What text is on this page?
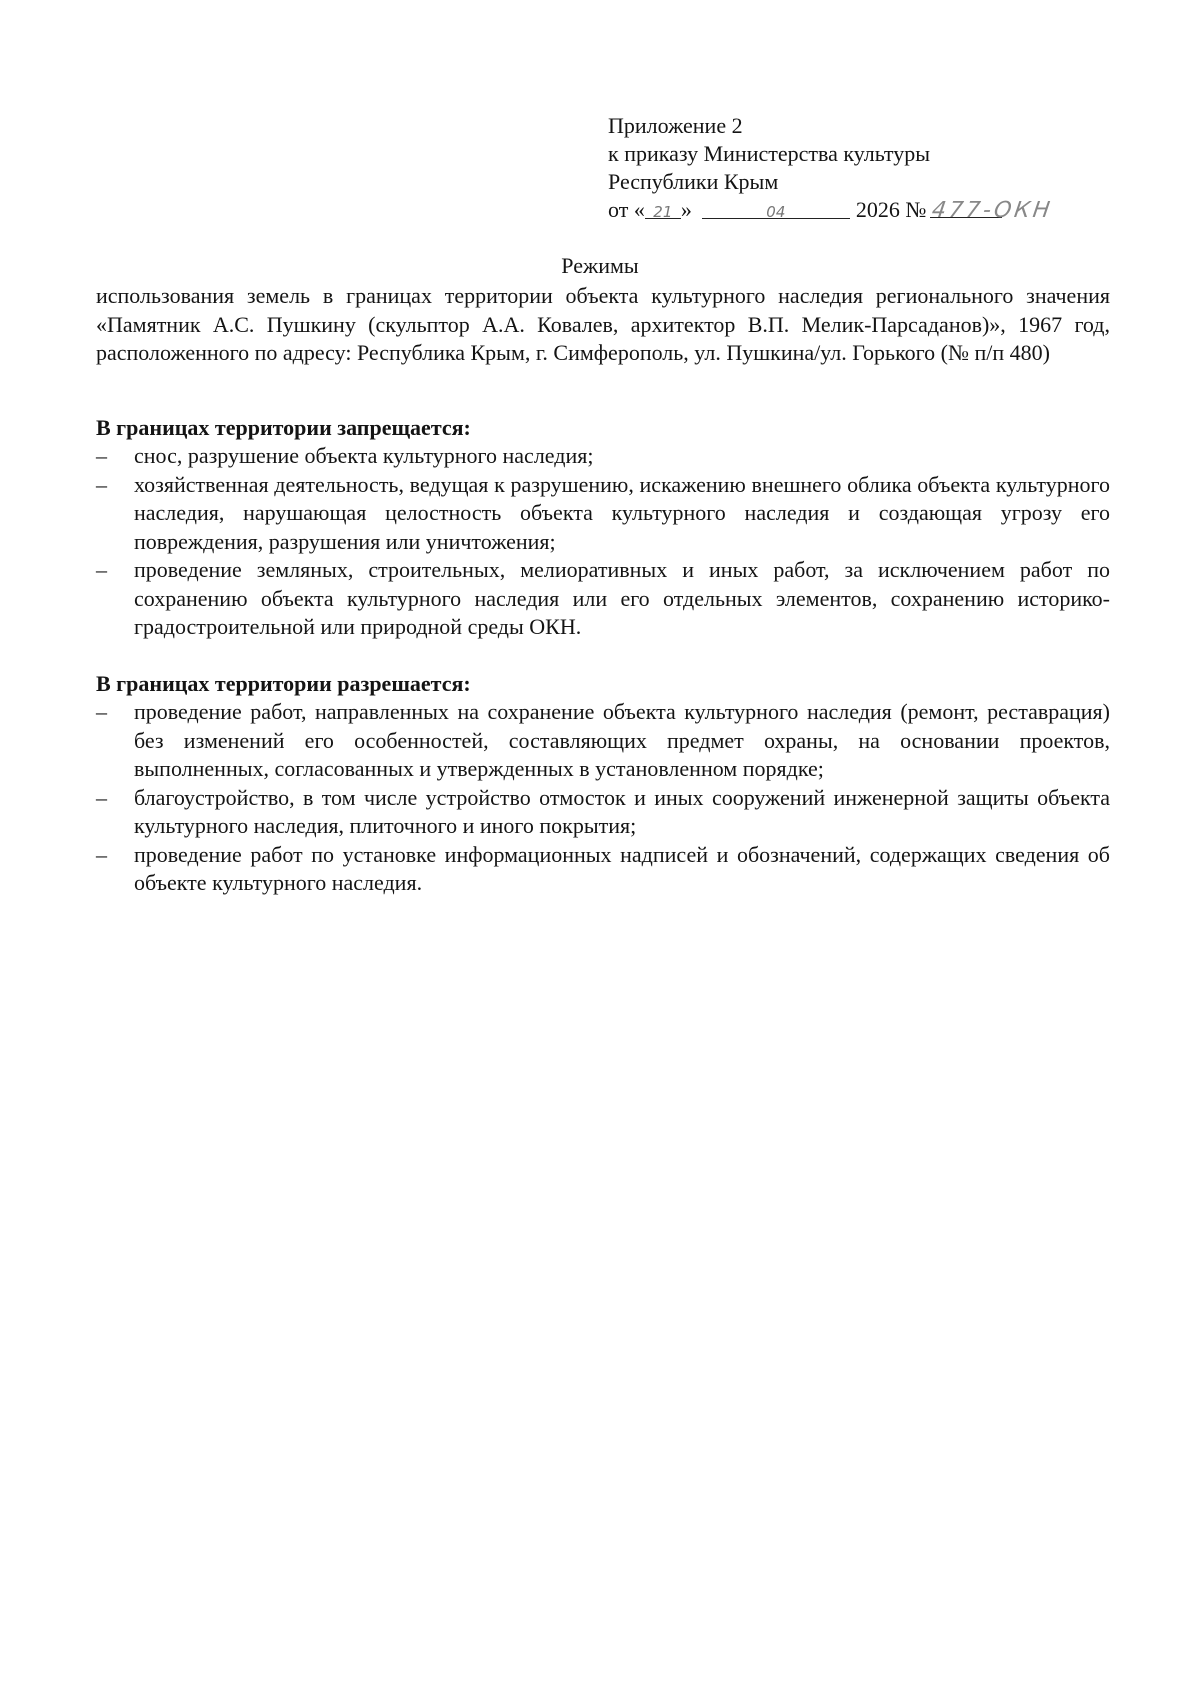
Приложение 2
к приказу Министерства культуры
Республики Крым
от « 21 »	04	2026 № 477-ОКН
Режимы
использования земель в границах территории объекта культурного наследия регионального значения «Памятник А.С. Пушкину (скульптор А.А. Ковалев, архитектор В.П. Мелик-Парсаданов)», 1967 год, расположенного по адресу: Республика Крым, г. Симферополь, ул. Пушкина/ул. Горького (№ п/п 480)
В границах территории запрещается:
– снос, разрушение объекта культурного наследия;
– хозяйственная деятельность, ведущая к разрушению, искажению внешнего облика объекта культурного наследия, нарушающая целостность объекта культурного наследия и создающая угрозу его повреждения, разрушения или уничтожения;
– проведение земляных, строительных, мелиоративных и иных работ, за исключением работ по сохранению объекта культурного наследия или его отдельных элементов, сохранению историко-градостроительной или природной среды ОКН.
В границах территории разрешается:
– проведение работ, направленных на сохранение объекта культурного наследия (ремонт, реставрация) без изменений его особенностей, составляющих предмет охраны, на основании проектов, выполненных, согласованных и утвержденных в установленном порядке;
– благоустройство, в том числе устройство отмосток и иных сооружений инженерной защиты объекта культурного наследия, плиточного и иного покрытия;
– проведение работ по установке информационных надписей и обозначений, содержащих сведения об объекте культурного наследия.
